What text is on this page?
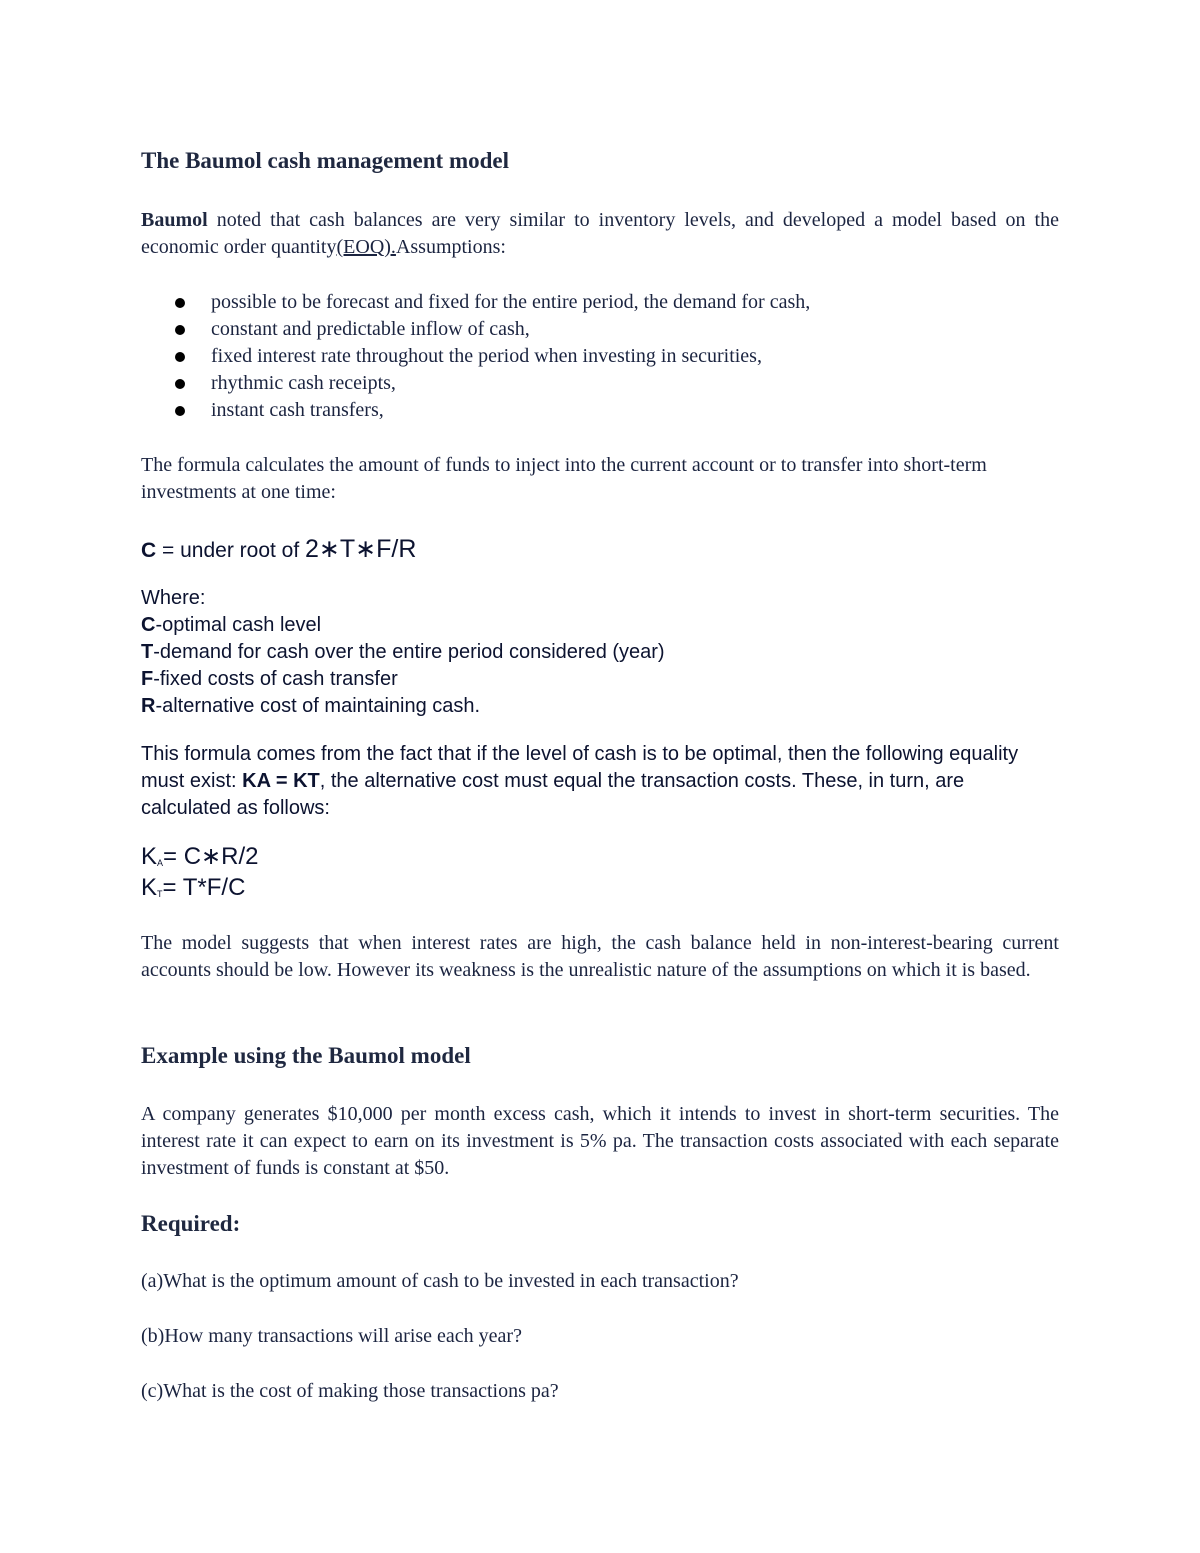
The Baumol cash management model
Baumol noted that cash balances are very similar to inventory levels, and developed a model based on the economic order quantity(EOQ).Assumptions:
possible to be forecast and fixed for the entire period, the demand for cash,
constant and predictable inflow of cash,
fixed interest rate throughout the period when investing in securities,
rhythmic cash receipts,
instant cash transfers,
The formula calculates the amount of funds to inject into the current account or to transfer into short-term investments at one time:
C = under root of 2∗T∗F/R
Where:
C-optimal cash level
T-demand for cash over the entire period considered (year)
F-fixed costs of cash transfer
R-alternative cost of maintaining cash.
This formula comes from the fact that if the level of cash is to be optimal, then the following equality must exist: KA = KT, the alternative cost must equal the transaction costs. These, in turn, are calculated as follows:
$K_A=$ C∗R/2
$K_T= T*F/C$
The model suggests that when interest rates are high, the cash balance held in non-interest-bearing current accounts should be low. However its weakness is the unrealistic nature of the assumptions on which it is based.
Example using the Baumol model
A company generates $10,000 per month excess cash, which it intends to invest in short-term securities. The interest rate it can expect to earn on its investment is 5% pa. The transaction costs associated with each separate investment of funds is constant at $50.
Required:
(a)What is the optimum amount of cash to be invested in each transaction?
(b)How many transactions will arise each year?
(c)What is the cost of making those transactions pa?
